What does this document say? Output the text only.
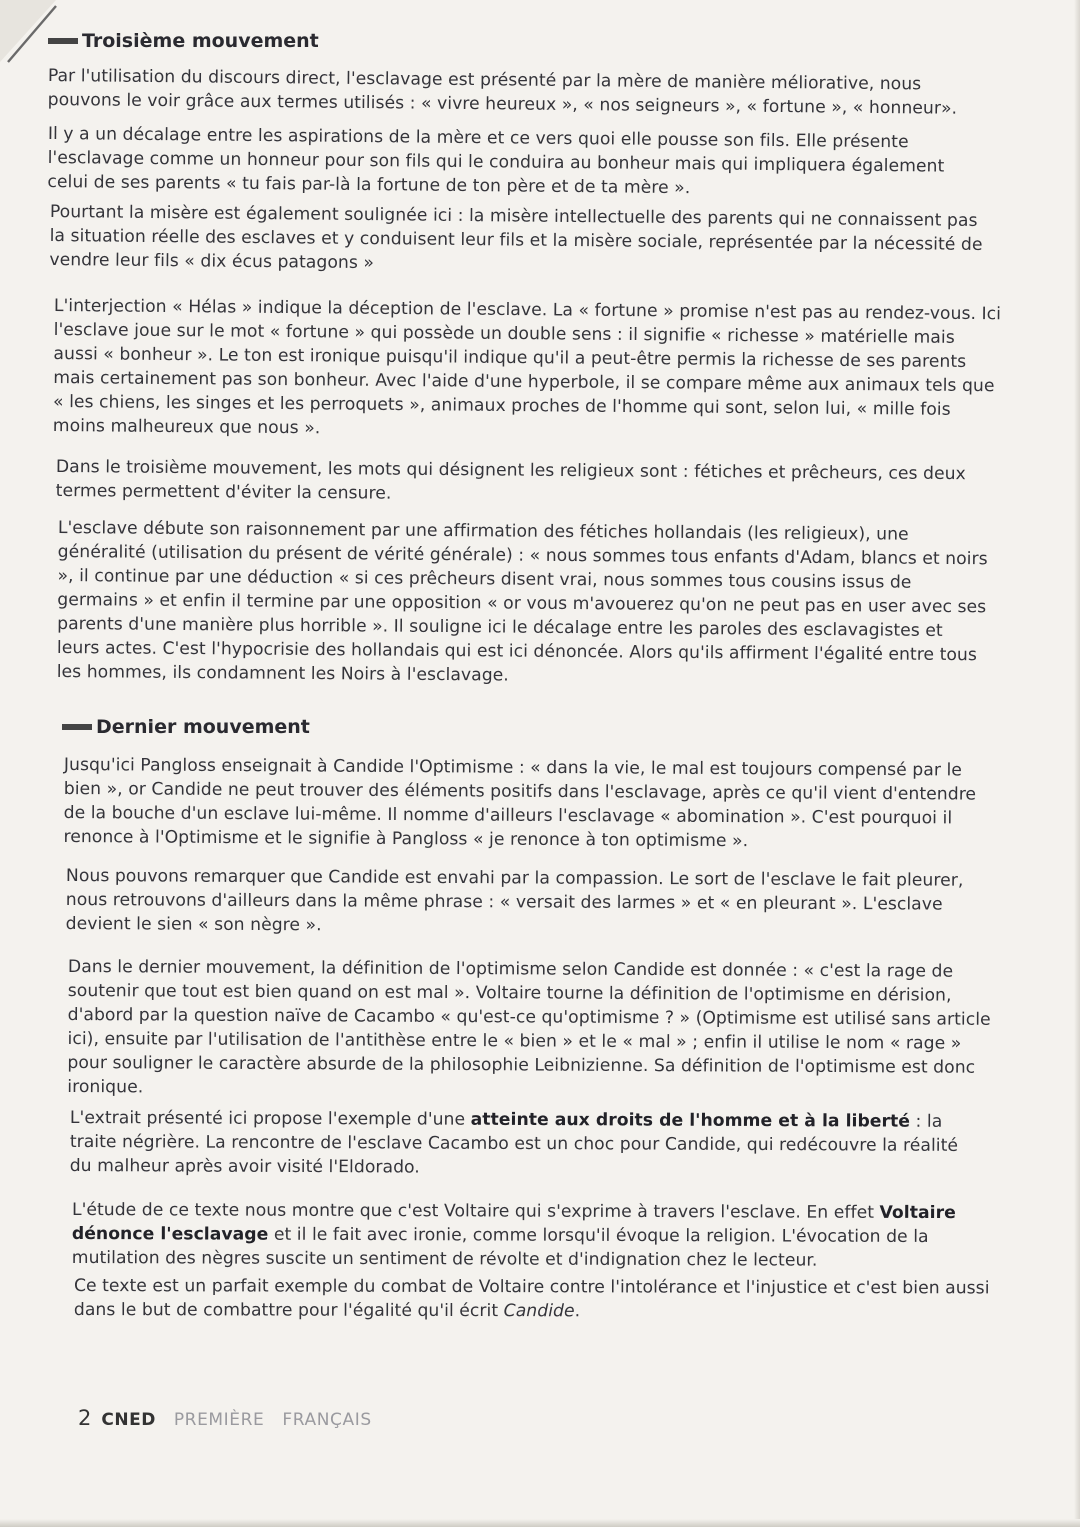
Troisième mouvement

Par l'utilisation du discours direct, l'esclavage est présenté par la mère de manière méliorative, nous pouvons le voir grâce aux termes utilisés : « vivre heureux », « nos seigneurs », « fortune », « honneur».

Il y a un décalage entre les aspirations de la mère et ce vers quoi elle pousse son fils. Elle présente l'esclavage comme un honneur pour son fils qui le conduira au bonheur mais qui impliquera également celui de ses parents « tu fais par-là la fortune de ton père et de ta mère ».

Pourtant la misère est également soulignée ici : la misère intellectuelle des parents qui ne connaissent pas la situation réelle des esclaves et y conduisent leur fils et la misère sociale, représentée par la nécessité de vendre leur fils « dix écus patagons »

L'interjection « Hélas » indique la déception de l'esclave. La « fortune » promise n'est pas au rendez-vous. Ici l'esclave joue sur le mot « fortune » qui possède un double sens : il signifie « richesse » matérielle mais aussi « bonheur ». Le ton est ironique puisqu'il indique qu'il a peut-être permis la richesse de ses parents mais certainement pas son bonheur. Avec l'aide d'une hyperbole, il se compare même aux animaux tels que « les chiens, les singes et les perroquets », animaux proches de l'homme qui sont, selon lui, « mille fois moins malheureux que nous ».

Dans le troisième mouvement, les mots qui désignent les religieux sont : fétiches et prêcheurs, ces deux termes permettent d'éviter la censure.

L'esclave débute son raisonnement par une affirmation des fétiches hollandais (les religieux), une généralité (utilisation du présent de vérité générale) : « nous sommes tous enfants d'Adam, blancs et noirs », il continue par une déduction « si ces prêcheurs disent vrai, nous sommes tous cousins issus de germains » et enfin il termine par une opposition « or vous m'avouerez qu'on ne peut pas en user avec ses parents d'une manière plus horrible ». Il souligne ici le décalage entre les paroles des esclavagistes et leurs actes. C'est l'hypocrisie des hollandais qui est ici dénoncée. Alors qu'ils affirment l'égalité entre tous les hommes, ils condamnent les Noirs à l'esclavage.

Dernier mouvement

Jusqu'ici Pangloss enseignait à Candide l'Optimisme : « dans la vie, le mal est toujours compensé par le bien », or Candide ne peut trouver des éléments positifs dans l'esclavage, après ce qu'il vient d'entendre de la bouche d'un esclave lui-même. Il nomme d'ailleurs l'esclavage « abomination ». C'est pourquoi il renonce à l'Optimisme et le signifie à Pangloss « je renonce à ton optimisme ».

Nous pouvons remarquer que Candide est envahi par la compassion. Le sort de l'esclave le fait pleurer, nous retrouvons d'ailleurs dans la même phrase : « versait des larmes » et « en pleurant ». L'esclave devient le sien « son nègre ».

Dans le dernier mouvement, la définition de l'optimisme selon Candide est donnée : « c'est la rage de soutenir que tout est bien quand on est mal ». Voltaire tourne la définition de l'optimisme en dérision, d'abord par la question naïve de Cacambo « qu'est-ce qu'optimisme ? » (Optimisme est utilisé sans article ici), ensuite par l'utilisation de l'antithèse entre le « bien » et le « mal » ; enfin il utilise le nom « rage » pour souligner le caractère absurde de la philosophie Leibnizienne. Sa définition de l'optimisme est donc ironique.

L'extrait présenté ici propose l'exemple d'une atteinte aux droits de l'homme et à la liberté : la traite négrière. La rencontre de l'esclave Cacambo est un choc pour Candide, qui redécouvre la réalité du malheur après avoir visité l'Eldorado.

L'étude de ce texte nous montre que c'est Voltaire qui s'exprime à travers l'esclave. En effet Voltaire dénonce l'esclavage et il le fait avec ironie, comme lorsqu'il évoque la religion. L'évocation de la mutilation des nègres suscite un sentiment de révolte et d'indignation chez le lecteur.

Ce texte est un parfait exemple du combat de Voltaire contre l'intolérance et l'injustice et c'est bien aussi dans le but de combattre pour l'égalité qu'il écrit Candide.

2 CNED PREMIÈRE FRANÇAIS
